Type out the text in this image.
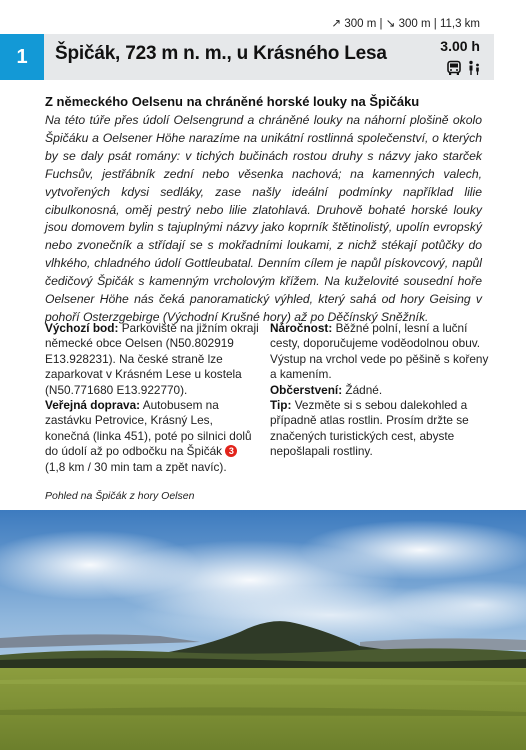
↗ 300 m | ↘ 300 m | 11,3 km
1	Špičák, 723 m n. m., u Krásného Lesa	3.00 h
Z německého Oelsenu na chráněné horské louky na Špičáku

Na této túře přes údolí Oelsengrund a chráněné louky na náhorní plošině okolo Špičáku a Oelsener Höhe narazíme na unikátní rostlinná společenství, o kterých by se daly psát romány: v tichých bučinách rostou druhy s názvy jako starček Fuchsův, jestřábník zední nebo věsenka nachová; na kamenných valech, vytvořených kdysi sedláky, zase našly ideální podmínky například lilie cibulkonosná, oměj pestrý nebo lilie zlatohlavá. Druhově bohaté horské louky jsou domovem bylin s tajuplnými názvy jako koprník štětinolistý, upolín evropský nebo zvonečník a střídají se s mokřadními loukami, z nichž stékají potůčky do vlhkého, chladného údolí Gottleubatal. Denním cílem je napůl pískovcový, napůl čedičový Špičák s kamenným vrcholovým křížem. Na kuželovité sousední hoře Oelsener Höhe nás čeká panoramatický výhled, který sahá od hory Geising v pohoří Osterzgebirge (Východní Krušné hory) až po Děčínský Sněžník.

Výchozí bod: Parkoviště na jižním okraji německé obce Oelsen (N50.802919 E13.928231). Na české straně lze zaparkovat v Krásném Lese u kostela (N50.771680 E13.922770).

Veřejná doprava: Autobusem na zastávku Petrovice, Krásný Les, konečná (linka 451), poté po silnici dolů do údolí až po odbočku na Špičák 3
(1,8 km / 30 min tam a zpět navíc).

Náročnost: Běžné polní, lesní a luční cesty, doporučujeme voděodolnou obuv. Výstup na vrchol vede po pěšině s kořeny a kamením.

Občerstvení: Žádné.

Tip: Vezměte si s sebou dalekohled a případně atlas rostlin. Prosím držte se značených turistických cest, abyste nepošlapali rostliny.

Pohled na Špičák z hory Oelsen
